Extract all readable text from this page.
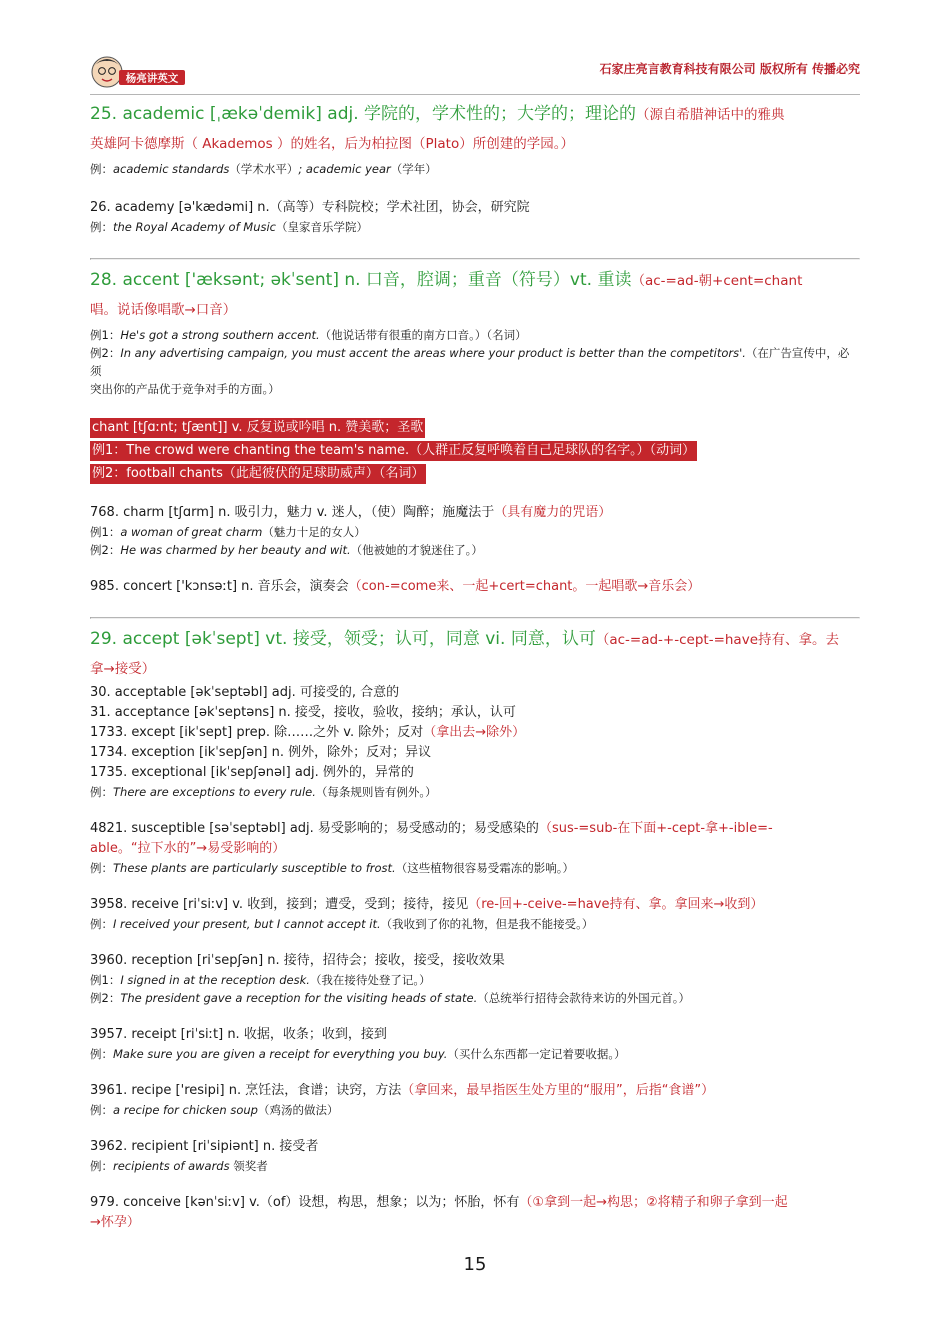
杨亮讲英文
石家庄亮言教育科技有限公司 版权所有 传播必究

25. academic [ˌækəˈdemik] adj. 学院的，学术性的；大学的；理论的（源自希腊神话中的雅典

英雄阿卡德摩斯（ Akademos ）的姓名，后为柏拉图（Plato）所创建的学园。）

例：academic standards（学术水平）; academic year（学年）

26. academy [ə'kædəmi] n.（高等）专科院校；学术社团，协会，研究院

例：the Royal Academy of Music（皇家音乐学院）

28. accent ['æksənt; əkˈsent] n. 口音，腔调；重音（符号）vt. 重读（ac-=ad-朝+cent=chant

唱。说话像唱歌→口音）

例1：He's got a strong southern accent.（他说话带有很重的南方口音。）（名词）

例2：In any advertising campaign, you must accent the areas where your product is better than the competitors'.（在广告宣传中，必须

突出你的产品优于竞争对手的方面。）

chant [tʃɑːnt; tʃænt]] v. 反复说或吟唱 n. 赞美歌；圣歌
例1：The crowd were chanting the team's name.（人群正反复呼唤着自己足球队的名字。）（动词）
例2：football chants（此起彼伏的足球助威声）（名词）

768. charm [tʃɑrm] n. 吸引力，魅力 v. 迷人，（使）陶醉；施魔法于（具有魔力的咒语）

例1：a woman of great charm（魅力十足的女人）

例2：He was charmed by her beauty and wit.（他被她的才貌迷住了。）

985. concert ['kɔnsəːt] n. 音乐会，演奏会（con-=come来、一起+cert=chant。一起唱歌→音乐会）

29. accept [əkˈsept] vt. 接受，领受；认可，同意 vi. 同意，认可（ac-=ad-+-cept-=have持有、拿。去

拿→接受）

30. acceptable [əkˈseptəbl] adj. 可接受的, 合意的

31. acceptance [əkˈseptəns] n. 接受，接收，验收，接纳；承认，认可

1733. except [ikˈsept] prep. 除……之外 v. 除外；反对（拿出去→除外）

1734. exception [ikˈsepʃən] n. 例外，除外；反对；异议

1735. exceptional [ikˈsepʃənəl] adj. 例外的，异常的

例：There are exceptions to every rule.（每条规则皆有例外。）

4821. susceptible [səˈseptəbl] adj. 易受影响的；易受感动的；易受感染的（sus-=sub-在下面+-cept-拿+-ible=-

able。“拉下水的”→易受影响的）

例：These plants are particularly susceptible to frost.（这些植物很容易受霜冻的影响。）

3958. receive [riˈsiːv] v. 收到，接到；遭受，受到；接待，接见（re-回+-ceive-=have持有、拿。拿回来→收到）

例：I received your present, but I cannot accept it.（我收到了你的礼物，但是我不能接受。）

3960. reception [riˈsepʃən] n. 接待，招待会；接收，接受，接收效果

例1：I signed in at the reception desk.（我在接待处登了记。）

例2：The president gave a reception for the visiting heads of state.（总统举行招待会款待来访的外国元首。）

3957. receipt [riˈsiːt] n. 收据，收条；收到，接到

例：Make sure you are given a receipt for everything you buy.（买什么东西都一定记着要收据。）

3961. recipe ['resipi] n. 烹饪法，食谱；诀窍，方法（拿回来，最早指医生处方里的“服用”，后指“食谱”）

例：a recipe for chicken soup（鸡汤的做法）

3962. recipient [riˈsipiənt] n. 接受者

例：recipients of awards 领奖者

979. conceive [kənˈsiːv] v.（of）设想，构思，想象；以为；怀胎，怀有（①拿到一起→构思；②将精子和卵子拿到一起

→怀孕）

15
